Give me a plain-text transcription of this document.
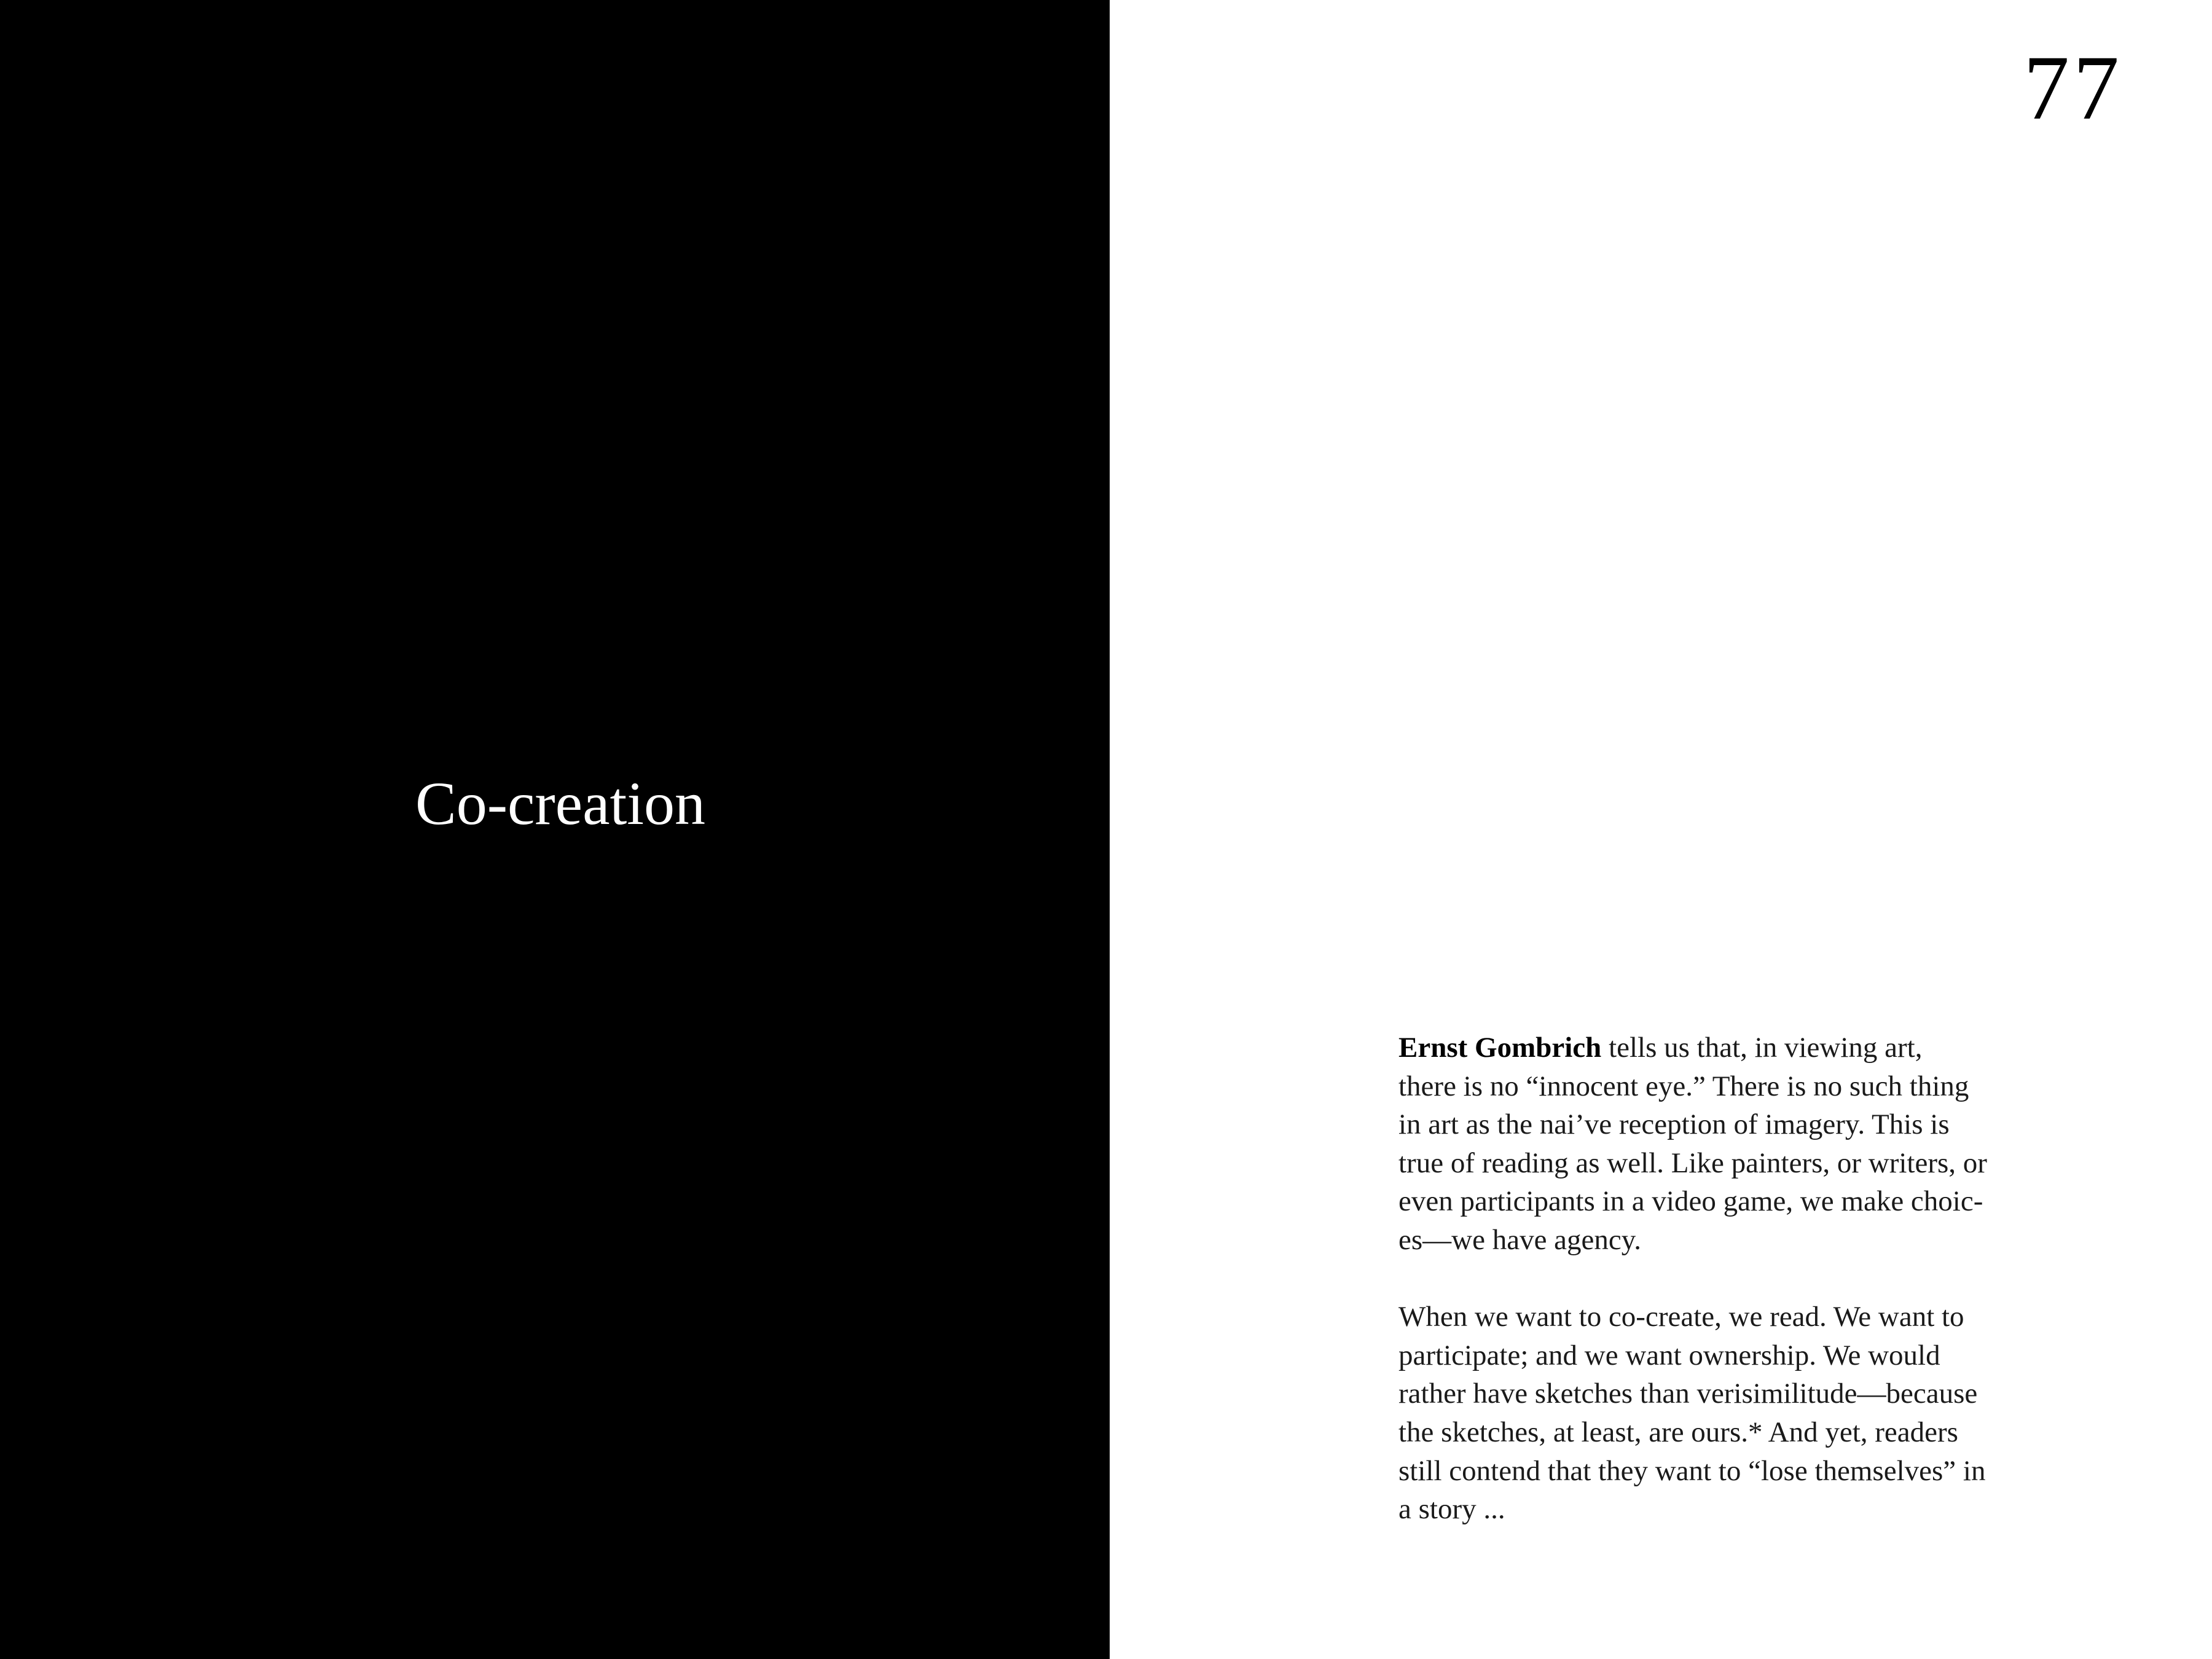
Co-creation
77

Ernst Gombrich tells us that, in viewing art,
there is no “innocent eye.” There is no such thing
in art as the nai’ve reception of imagery. This is
true of reading as well. Like painters, or writers, or
even participants in a video game, we make choic-
es—we have agency.

When we want to co-create, we read. We want to
participate; and we want ownership. We would
rather have sketches than verisimilitude—because
the sketches, at least, are ours.* And yet, readers
still contend that they want to “lose themselves” in
a story ...
